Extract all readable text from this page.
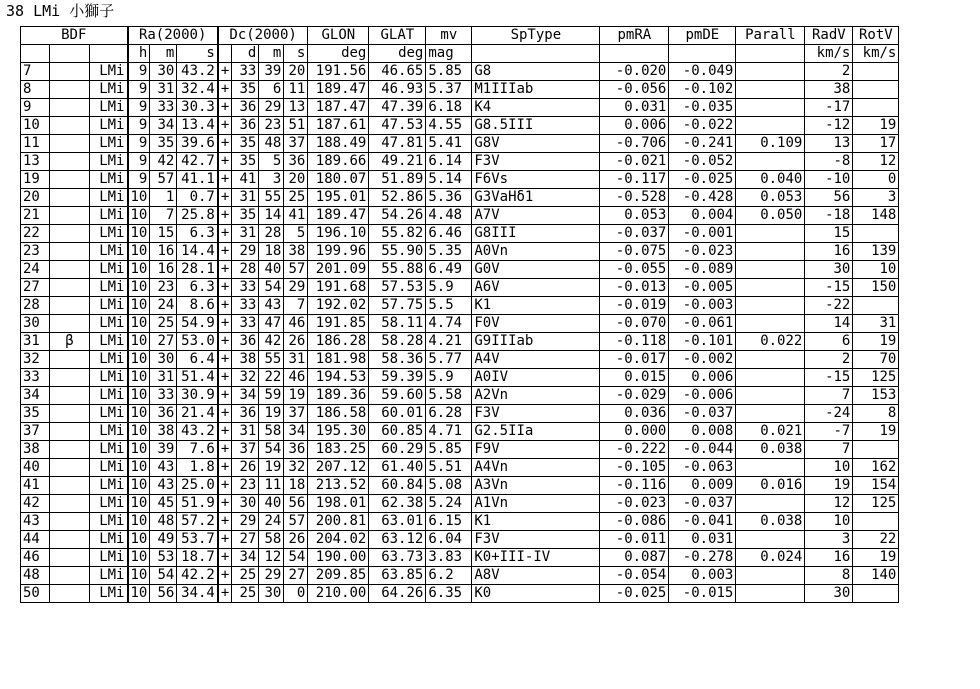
38 LMi 小獅子
BDF			Ra(2000)			Dc(2000)				GLON	GLAT	mv	SpType	pmRA	pmDE	Parall	RadV	RotV
			h	m	s		d	m	s	deg	deg	mag					km/s	km/s
7		LMi	9	30	43.2	+	33	39	20	191.56	46.65	5.85	G8	-0.020	-0.049		2	
8		LMi	9	31	32.4	+	35	6	11	189.47	46.93	5.37	M1IIIab	-0.056	-0.102		38	
9		LMi	9	33	30.3	+	36	29	13	187.47	47.39	6.18	K4	0.031	-0.035		-17	
10		LMi	9	34	13.4	+	36	23	51	187.61	47.53	4.55	G8.5III	0.006	-0.022		-12	19
11		LMi	9	35	39.6	+	35	48	37	188.49	47.81	5.41	G8V	-0.706	-0.241	0.109	13	17
13		LMi	9	42	42.7	+	35	5	36	189.66	49.21	6.14	F3V	-0.021	-0.052		-8	12
19		LMi	9	57	41.1	+	41	3	20	180.07	51.89	5.14	F6Vs	-0.117	-0.025	0.040	-10	0
20		LMi	10	1	0.7	+	31	55	25	195.01	52.86	5.36	G3VaHδ1	-0.528	-0.428	0.053	56	3
21		LMi	10	7	25.8	+	35	14	41	189.47	54.26	4.48	A7V	0.053	0.004	0.050	-18	148
22		LMi	10	15	6.3	+	31	28	5	196.10	55.82	6.46	G8III	-0.037	-0.001		15	
23		LMi	10	16	14.4	+	29	18	38	199.96	55.90	5.35	A0Vn	-0.075	-0.023		16	139
24		LMi	10	16	28.1	+	28	40	57	201.09	55.88	6.49	G0V	-0.055	-0.089		30	10
27		LMi	10	23	6.3	+	33	54	29	191.68	57.53	5.9	A6V	-0.013	-0.005		-15	150
28		LMi	10	24	8.6	+	33	43	7	192.02	57.75	5.5	K1	-0.019	-0.003		-22	
30		LMi	10	25	54.9	+	33	47	46	191.85	58.11	4.74	F0V	-0.070	-0.061		14	31
31	β	LMi	10	27	53.0	+	36	42	26	186.28	58.28	4.21	G9IIIab	-0.118	-0.101	0.022	6	19
32		LMi	10	30	6.4	+	38	55	31	181.98	58.36	5.77	A4V	-0.017	-0.002		2	70
33		LMi	10	31	51.4	+	32	22	46	194.53	59.39	5.9	A0IV	0.015	0.006		-15	125
34		LMi	10	33	30.9	+	34	59	19	189.36	59.60	5.58	A2Vn	-0.029	-0.006		7	153
35		LMi	10	36	21.4	+	36	19	37	186.58	60.01	6.28	F3V	0.036	-0.037		-24	8
37		LMi	10	38	43.2	+	31	58	34	195.30	60.85	4.71	G2.5IIa	0.000	0.008	0.021	-7	19
38		LMi	10	39	7.6	+	37	54	36	183.25	60.29	5.85	F9V	-0.222	-0.044	0.038	7	
40		LMi	10	43	1.8	+	26	19	32	207.12	61.40	5.51	A4Vn	-0.105	-0.063		10	162
41		LMi	10	43	25.0	+	23	11	18	213.52	60.84	5.08	A3Vn	-0.116	0.009	0.016	19	154
42		LMi	10	45	51.9	+	30	40	56	198.01	62.38	5.24	A1Vn	-0.023	-0.037		12	125
43		LMi	10	48	57.2	+	29	24	57	200.81	63.01	6.15	K1	-0.086	-0.041	0.038	10	
44		LMi	10	49	53.7	+	27	58	26	204.02	63.12	6.04	F3V	-0.011	0.031		3	22
46		LMi	10	53	18.7	+	34	12	54	190.00	63.73	3.83	K0+III-IV	0.087	-0.278	0.024	16	19
48		LMi	10	54	42.2	+	25	29	27	209.85	63.85	6.2	A8V	-0.054	0.003		8	140
50		LMi	10	56	34.4	+	25	30	0	210.00	64.26	6.35	K0	-0.025	-0.015		30	
